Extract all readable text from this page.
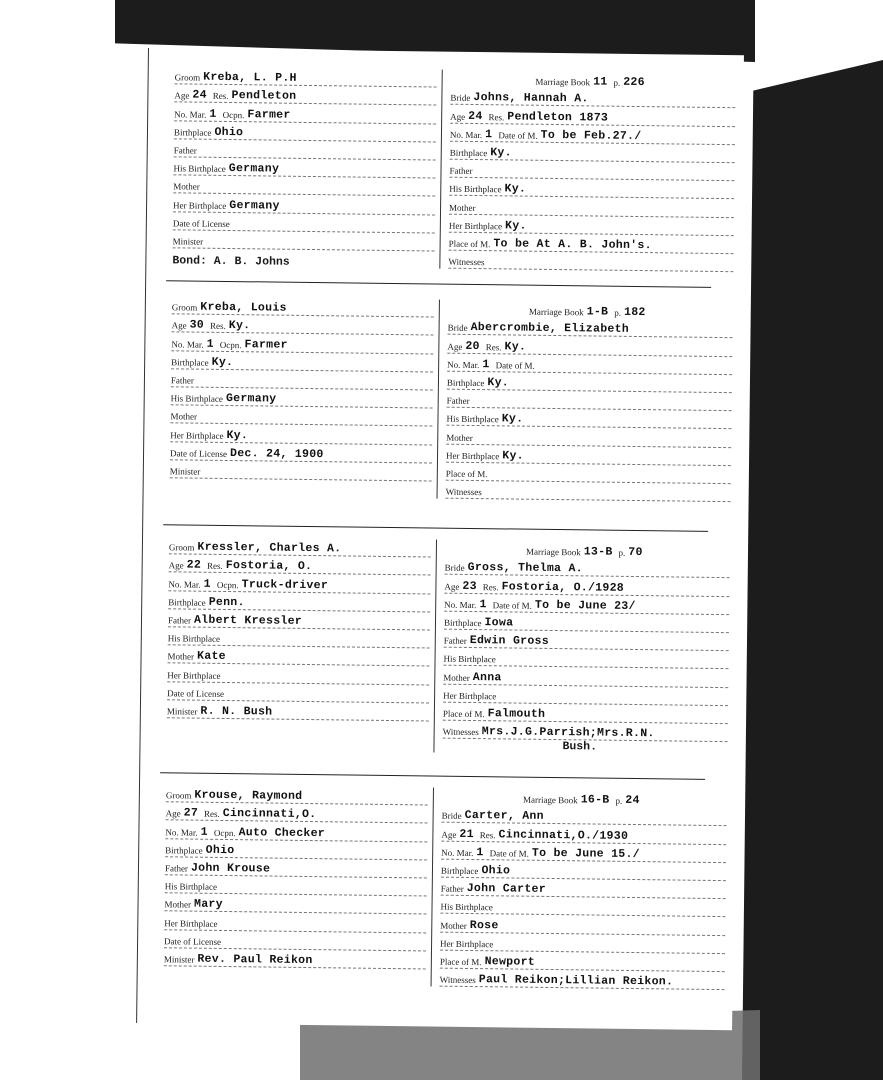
Groom Kreba, L. P.H
Age 24 Res. Pendleton
No. Mar. 1 Ocpn. Farmer
Birthplace Ohio
Father
His Birthplace Germany
Mother
Her Birthplace Germany
Date of License
Minister
Marriage Book 11 p. 226
Bride Johns, Hannah A.
Age 24 Res. Pendleton 1873
No. Mar. 1 Date of M. To be Feb.27./
Birthplace Ky.
Father
His Birthplace Ky.
Mother
Her Birthplace Ky.
Place of M. To be At A. B. John's.
Witnesses
Bond: A. B. Johns
Groom Kreba, Louis
Age 30 Res. Ky.
No. Mar. 1 Ocpn. Farmer
Birthplace Ky.
Father
His Birthplace Germany
Mother
Her Birthplace Ky.
Date of License Dec. 24, 1900
Minister
Marriage Book 1-B p. 182
Bride Abercrombie, Elizabeth
Age 20 Res. Ky.
No. Mar. 1 Date of M.
Birthplace Ky.
Father
His Birthplace Ky.
Mother
Her Birthplace Ky.
Place of M.
Witnesses
Groom Kressler, Charles A.
Age 22 Res. Fostoria, O.
No. Mar. 1 Ocpn. Truck-driver
Birthplace Penn.
Father Albert Kressler
His Birthplace
Mother Kate
Her Birthplace
Date of License
Minister R. N. Bush
Marriage Book 13-B p. 70
Bride Gross, Thelma A.
Age 23 Res. Fostoria, O./1928
No. Mar. 1 Date of M. To be June 23/
Birthplace Iowa
Father Edwin Gross
His Birthplace
Mother Anna
Her Birthplace
Place of M. Falmouth
Witnesses Mrs.J.G.Parrish;Mrs.R.N.
Bush.
Groom Krouse, Raymond
Age 27 Res. Cincinnati,O.
No. Mar. 1 Ocpn. Auto Checker
Birthplace Ohio
Father John Krouse
His Birthplace
Mother Mary
Her Birthplace
Date of License
Minister Rev. Paul Reikon
Marriage Book 16-B p. 24
Bride Carter, Ann
Age 21 Res. Cincinnati,O./1930
No. Mar. 1 Date of M. To be June 15./
Birthplace Ohio
Father John Carter
His Birthplace
Mother Rose
Her Birthplace
Place of M. Newport
Witnesses Paul Reikon;Lillian Reikon.
